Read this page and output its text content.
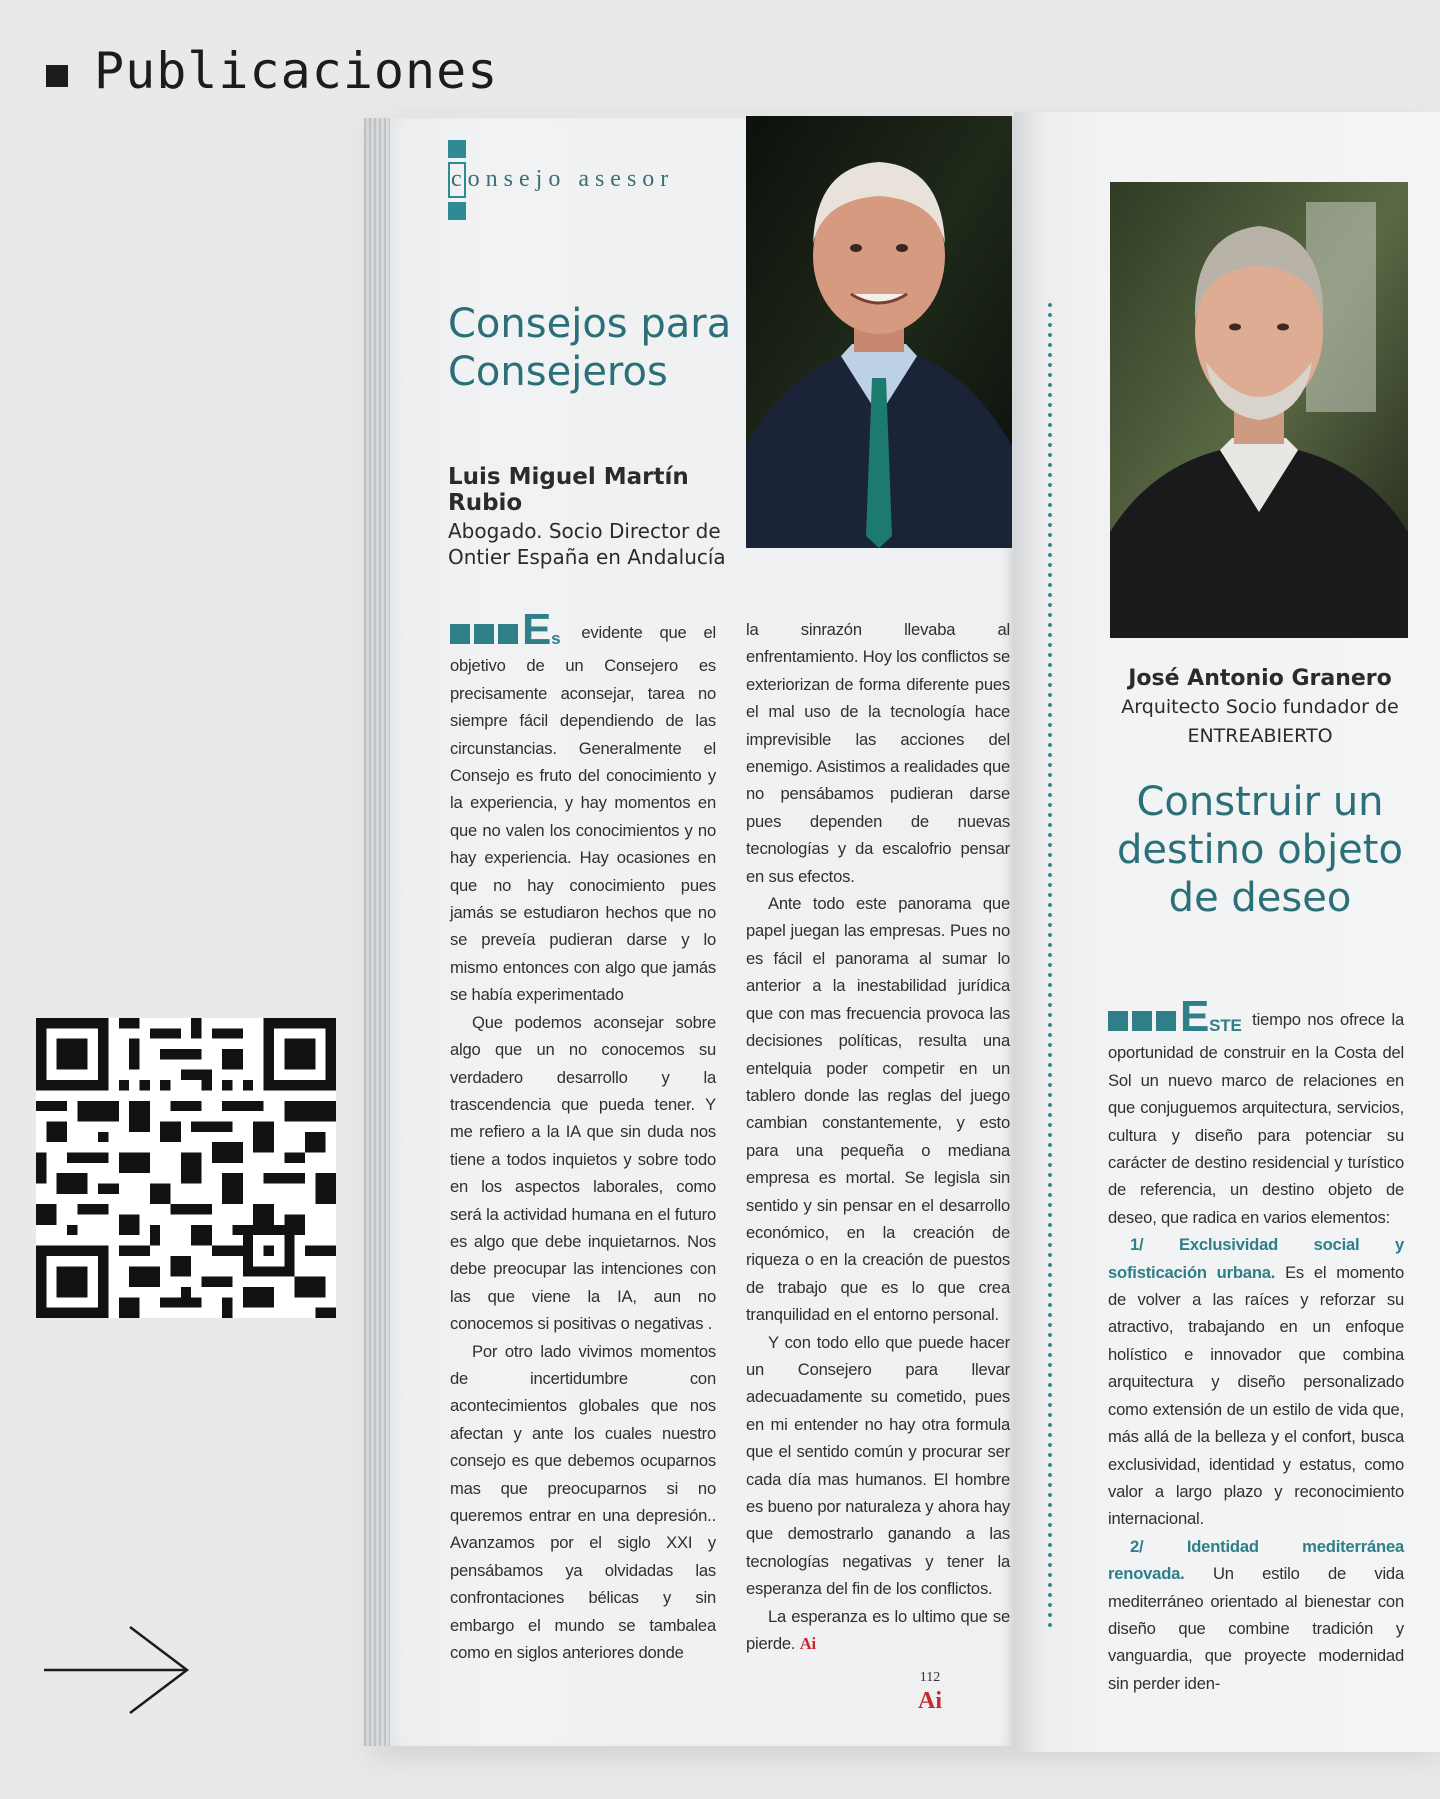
Publicaciones
consejo asesor
Consejos para Consejeros
Luis Miguel Martín Rubio
Abogado. Socio Director de Ontier España en Andalucía

Es evidente que el objetivo de un Consejero es precisamente aconsejar, tarea no siempre fácil dependiendo de las circunstancias. Generalmente el Consejo es fruto del conocimiento y la experiencia, y hay momentos en que no valen los conocimientos y no hay experiencia. Hay ocasiones en que no hay conocimiento pues jamás se estudiaron hechos que no se preveía pudieran darse y lo mismo entonces con algo que jamás se había experimentado

Que podemos aconsejar sobre algo que un no conocemos su verdadero desarrollo y la trascendencia que pueda tener. Y me refiero a la IA que sin duda nos tiene a todos inquietos y sobre todo en los aspectos laborales, como será la actividad humana en el futuro es algo que debe inquietarnos. Nos debe preocupar las intenciones con las que viene la IA, aun no conocemos si positivas o negativas .

Por otro lado vivimos momentos de incertidumbre con acontecimientos globales que nos afectan y ante los cuales nuestro consejo es que debemos ocuparnos mas que preocuparnos si no queremos entrar en una depresión.. Avanzamos por el siglo XXI y pensábamos ya olvidadas las confrontaciones bélicas y sin embargo el mundo se tambalea como en siglos anteriores donde

la sinrazón llevaba al enfrentamiento. Hoy los conflictos se exteriorizan de forma diferente pues el mal uso de la tecnología hace imprevisible las acciones del enemigo. Asistimos a realidades que no pensábamos pudieran darse pues dependen de nuevas tecnologías y da escalofrio pensar en sus efectos.

Ante todo este panorama que papel juegan las empresas. Pues no es fácil el panorama al sumar lo anterior a la inestabilidad jurídica que con mas frecuencia provoca las decisiones políticas, resulta una entelquia poder competir en un tablero donde las reglas del juego cambian constantemente, y esto para una pequeña o mediana empresa es mortal. Se legisla sin sentido y sin pensar en el desarrollo económico, en la creación de riqueza o en la creación de puestos de trabajo que es lo que crea tranquilidad en el entorno personal.

Y con todo ello que puede hacer un Consejero para llevar adecuadamente su cometido, pues en mi entender no hay otra formula que el sentido común y procurar ser cada día mas humanos. El hombre es bueno por naturaleza y ahora hay que demostrarlo ganando a las tecnologías negativas y tener la esperanza del fin de los conflictos.

La esperanza es lo ultimo que se pierde. Ai

112
Ai
José Antonio Granero
Arquitecto Socio fundador de
ENTREABIERTO
Construir un destino objeto de deseo

ESTE tiempo nos ofrece la oportunidad de construir en la Costa del Sol un nuevo marco de relaciones en que conjuguemos arquitectura, servicios, cultura y diseño para potenciar su carácter de destino residencial y turístico de referencia, un destino objeto de deseo, que radica en varios elementos:

1/ Exclusividad social y sofisticación urbana. Es el momento de volver a las raíces y reforzar su atractivo, trabajando en un enfoque holístico e innovador que combina arquitectura y diseño personalizado como extensión de un estilo de vida que, más allá de la belleza y el confort, busca exclusividad, identidad y estatus, como valor a largo plazo y reconocimiento internacional.

2/ Identidad mediterránea renovada. Un estilo de vida mediterráneo orientado al bienestar con diseño que combine tradición y vanguardia, que proyecte modernidad sin perder iden-
